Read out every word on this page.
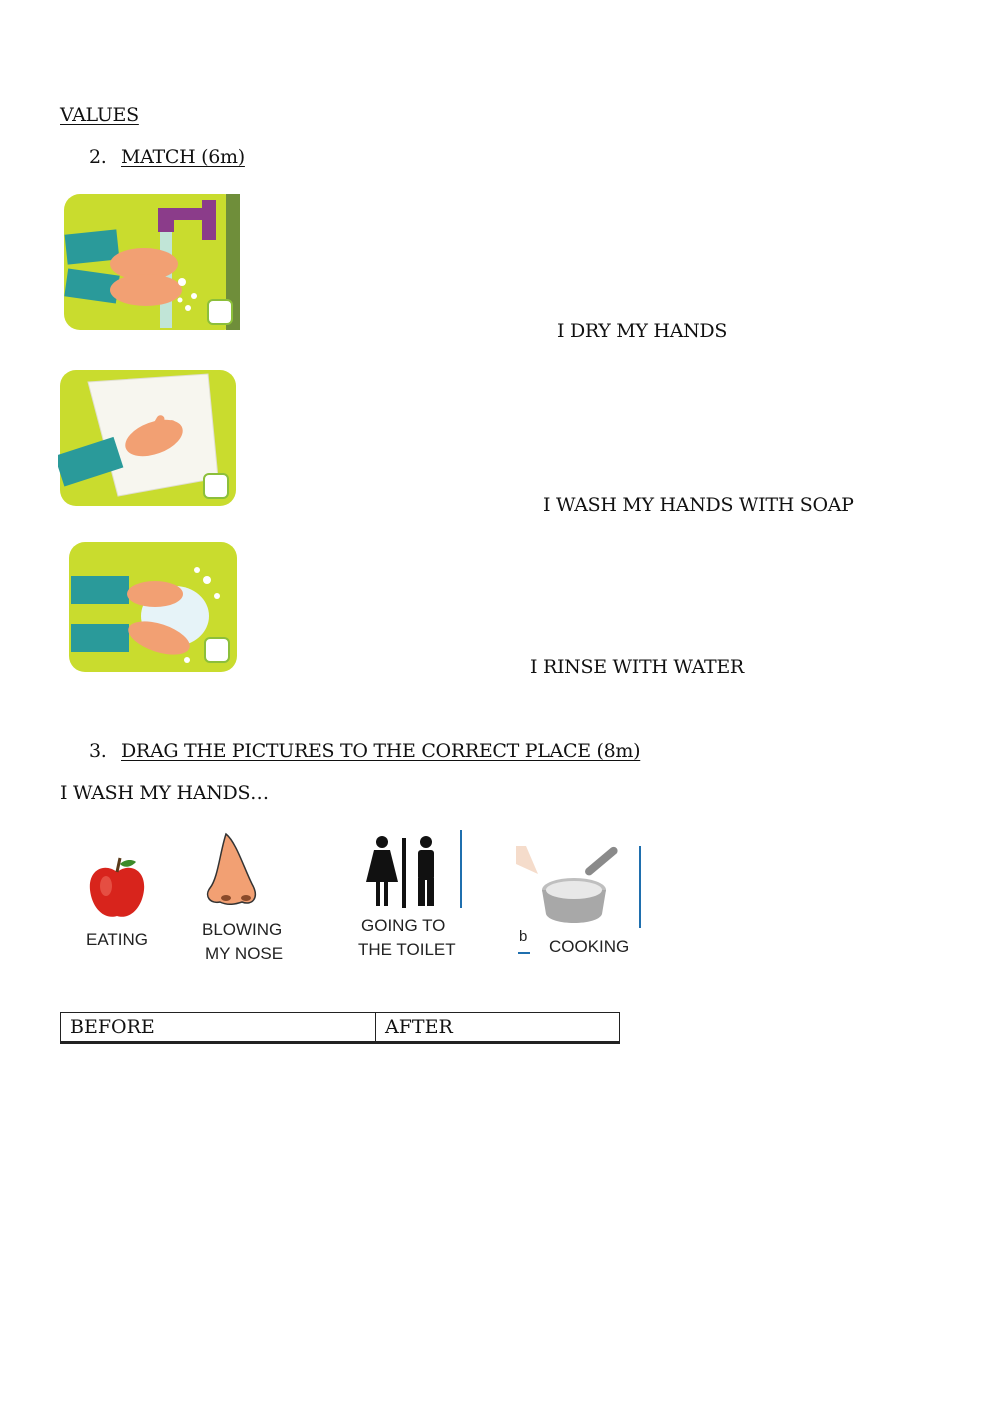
VALUES
2. MATCH (6m)
I DRY MY HANDS
I WASH MY HANDS WITH SOAP
I RINSE WITH WATER
3. DRAG THE PICTURES TO THE CORRECT PLACE (8m)
I WASH MY HANDS…
EATING
BLOWING
MY NOSE
GOING TO
THE TOILET
b
COOKING
BEFORE	AFTER
